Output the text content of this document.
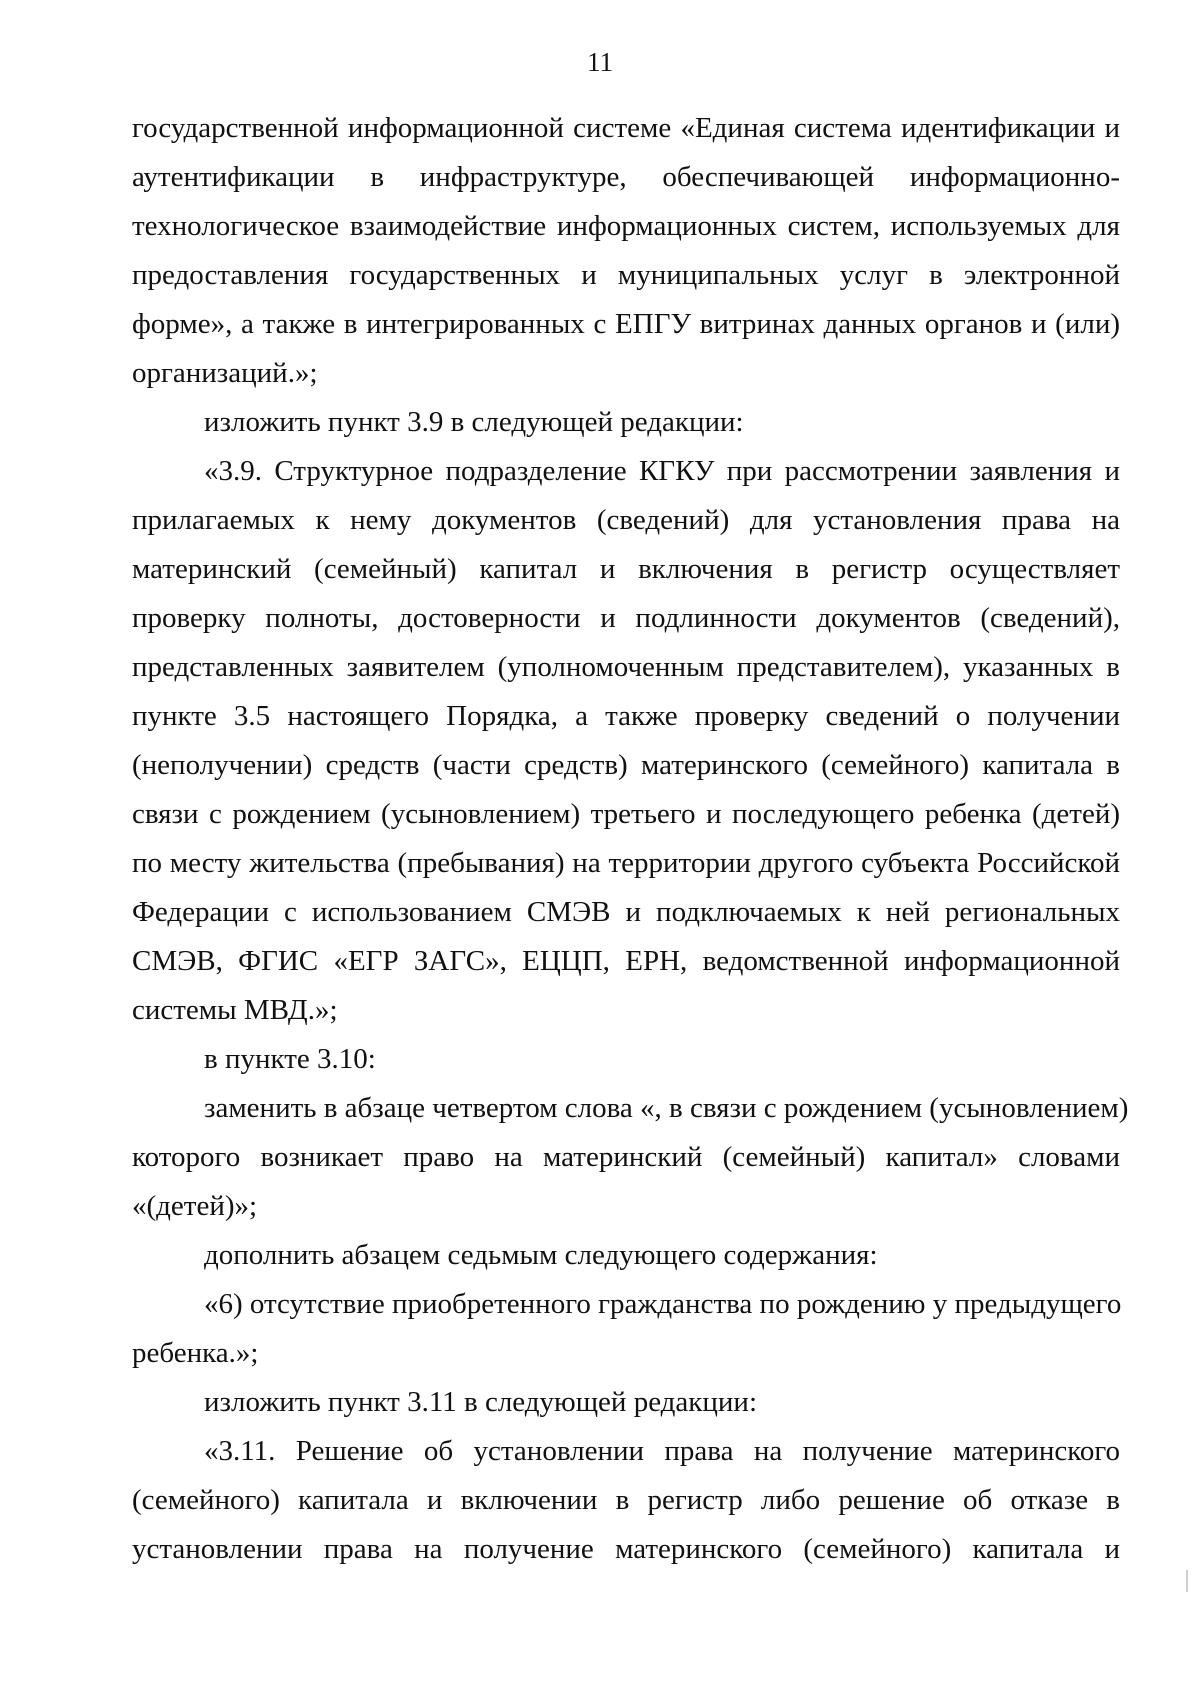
11
государственной информационной системе «Единая система идентификации и
аутентификации в инфраструктуре, обеспечивающей информационно-
технологическое взаимодействие информационных систем, используемых для
предоставления государственных и муниципальных услуг в электронной
форме», а также в интегрированных с ЕПГУ витринах данных органов и (или)
организаций.»;
изложить пункт 3.9 в следующей редакции:
«3.9. Структурное подразделение КГКУ при рассмотрении заявления и
прилагаемых к нему документов (сведений) для установления права на
материнский (семейный) капитал и включения в регистр осуществляет
проверку полноты, достоверности и подлинности документов (сведений),
представленных заявителем (уполномоченным представителем), указанных в
пункте 3.5 настоящего Порядка, а также проверку сведений о получении
(неполучении) средств (части средств) материнского (семейного) капитала в
связи с рождением (усыновлением) третьего и последующего ребенка (детей)
по месту жительства (пребывания) на территории другого субъекта Российской
Федерации с использованием СМЭВ и подключаемых к ней региональных
СМЭВ, ФГИС «ЕГР ЗАГС», ЕЦЦП, ЕРН, ведомственной информационной
системы МВД.»;
в пункте 3.10:
заменить в абзаце четвертом слова «, в связи с рождением (усыновлением)
которого возникает право на материнский (семейный) капитал» словами
«(детей)»;
дополнить абзацем седьмым следующего содержания:
«6) отсутствие приобретенного гражданства по рождению у предыдущего
ребенка.»;
изложить пункт 3.11 в следующей редакции:
«3.11. Решение об установлении права на получение материнского
(семейного) капитала и включении в регистр либо решение об отказе в
установлении права на получение материнского (семейного) капитала и
